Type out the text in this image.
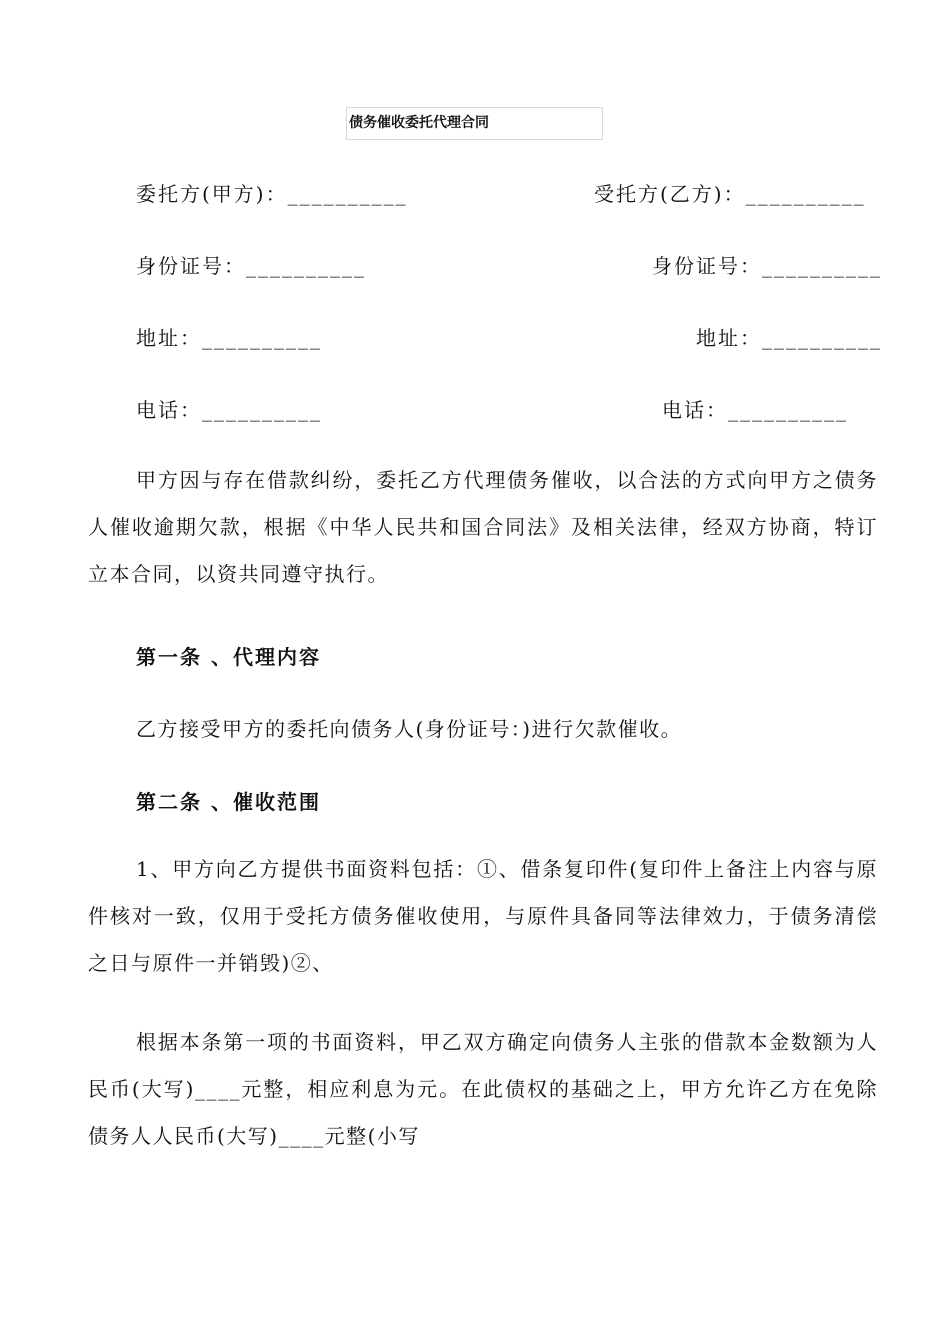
债务催收委托代理合同
委托方(甲方)：__________	受托方(乙方)：__________
身份证号：__________	身份证号：__________
地址：__________	地址：__________
电话：__________	电话：__________
甲方因与存在借款纠纷，委托乙方代理债务催收，以合法的方式向甲方之债务人催收逾期欠款，根据《中华人民共和国合同法》及相关法律，经双方协商，特订立本合同，以资共同遵守执行。
第一条 、代理内容
乙方接受甲方的委托向债务人(身份证号：)进行欠款催收。
第二条 、催收范围
1、甲方向乙方提供书面资料包括：①、借条复印件(复印件上备注上内容与原件核对一致，仅用于受托方债务催收使用，与原件具备同等法律效力，于债务清偿之日与原件一并销毁)②、
根据本条第一项的书面资料，甲乙双方确定向债务人主张的借款本金数额为人民币(大写)____元整，相应利息为元。在此债权的基础之上，甲方允许乙方在免除债务人人民币(大写)____元整(小写
